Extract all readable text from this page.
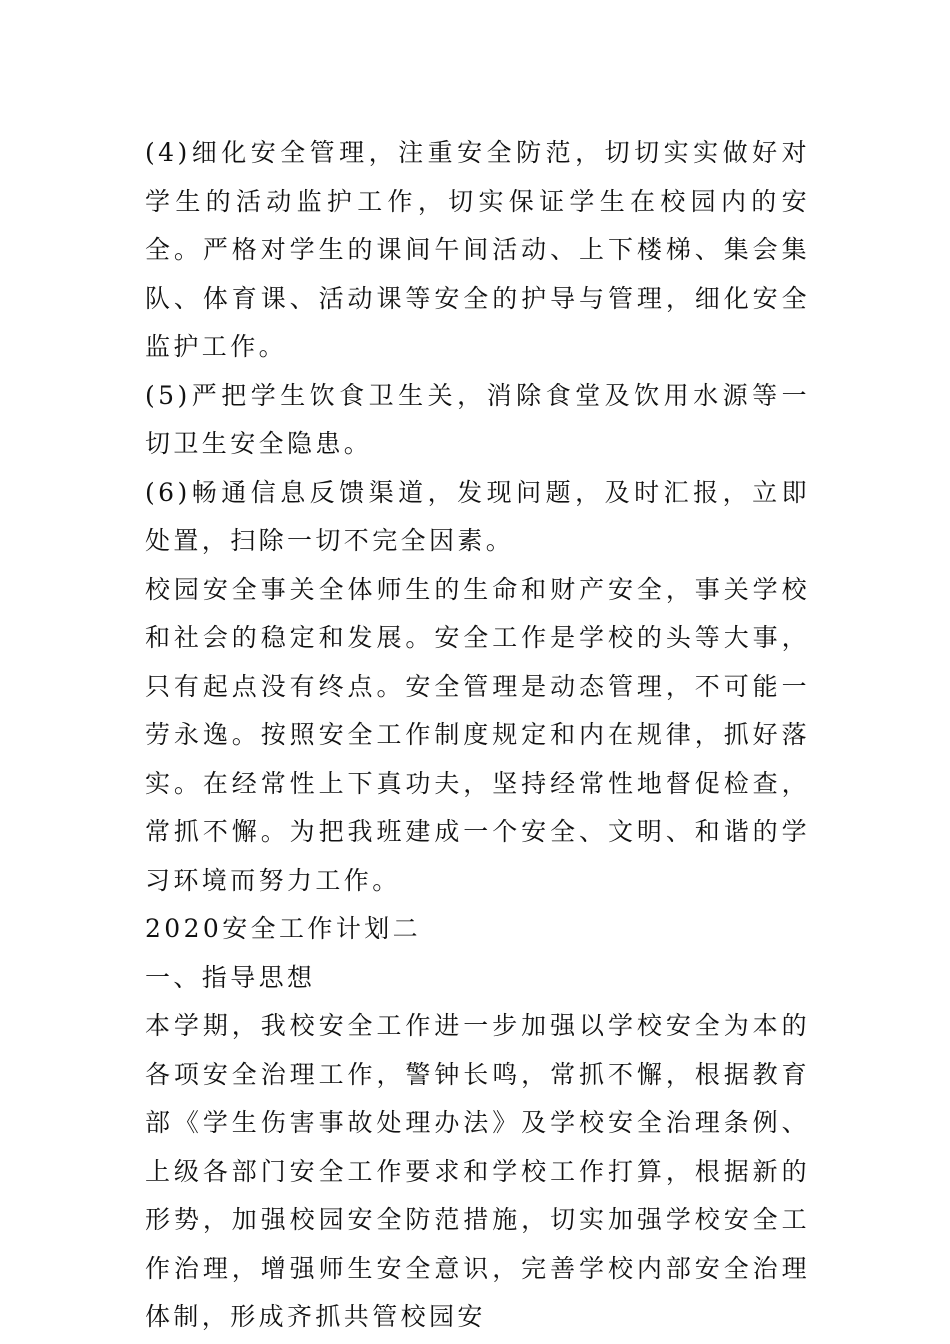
(4)细化安全管理，注重安全防范，切切实实做好对学生的活动监护工作，切实保证学生在校园内的安全。严格对学生的课间午间活动、上下楼梯、集会集队、体育课、活动课等安全的护导与管理，细化安全监护工作。

(5)严把学生饮食卫生关，消除食堂及饮用水源等一切卫生安全隐患。

(6)畅通信息反馈渠道，发现问题，及时汇报，立即处置，扫除一切不完全因素。

校园安全事关全体师生的生命和财产安全，事关学校和社会的稳定和发展。安全工作是学校的头等大事，只有起点没有终点。安全管理是动态管理，不可能一劳永逸。按照安全工作制度规定和内在规律，抓好落实。在经常性上下真功夫，坚持经常性地督促检查，常抓不懈。为把我班建成一个安全、文明、和谐的学习环境而努力工作。

2020安全工作计划二

一、指导思想

本学期，我校安全工作进一步加强以学校安全为本的各项安全治理工作，警钟长鸣，常抓不懈，根据教育部《学生伤害事故处理办法》及学校安全治理条例、上级各部门安全工作要求和学校工作打算，根据新的形势，加强校园安全防范措施，切实加强学校安全工作治理，增强师生安全意识，完善学校内部安全治理体制，形成齐抓共管校园安
